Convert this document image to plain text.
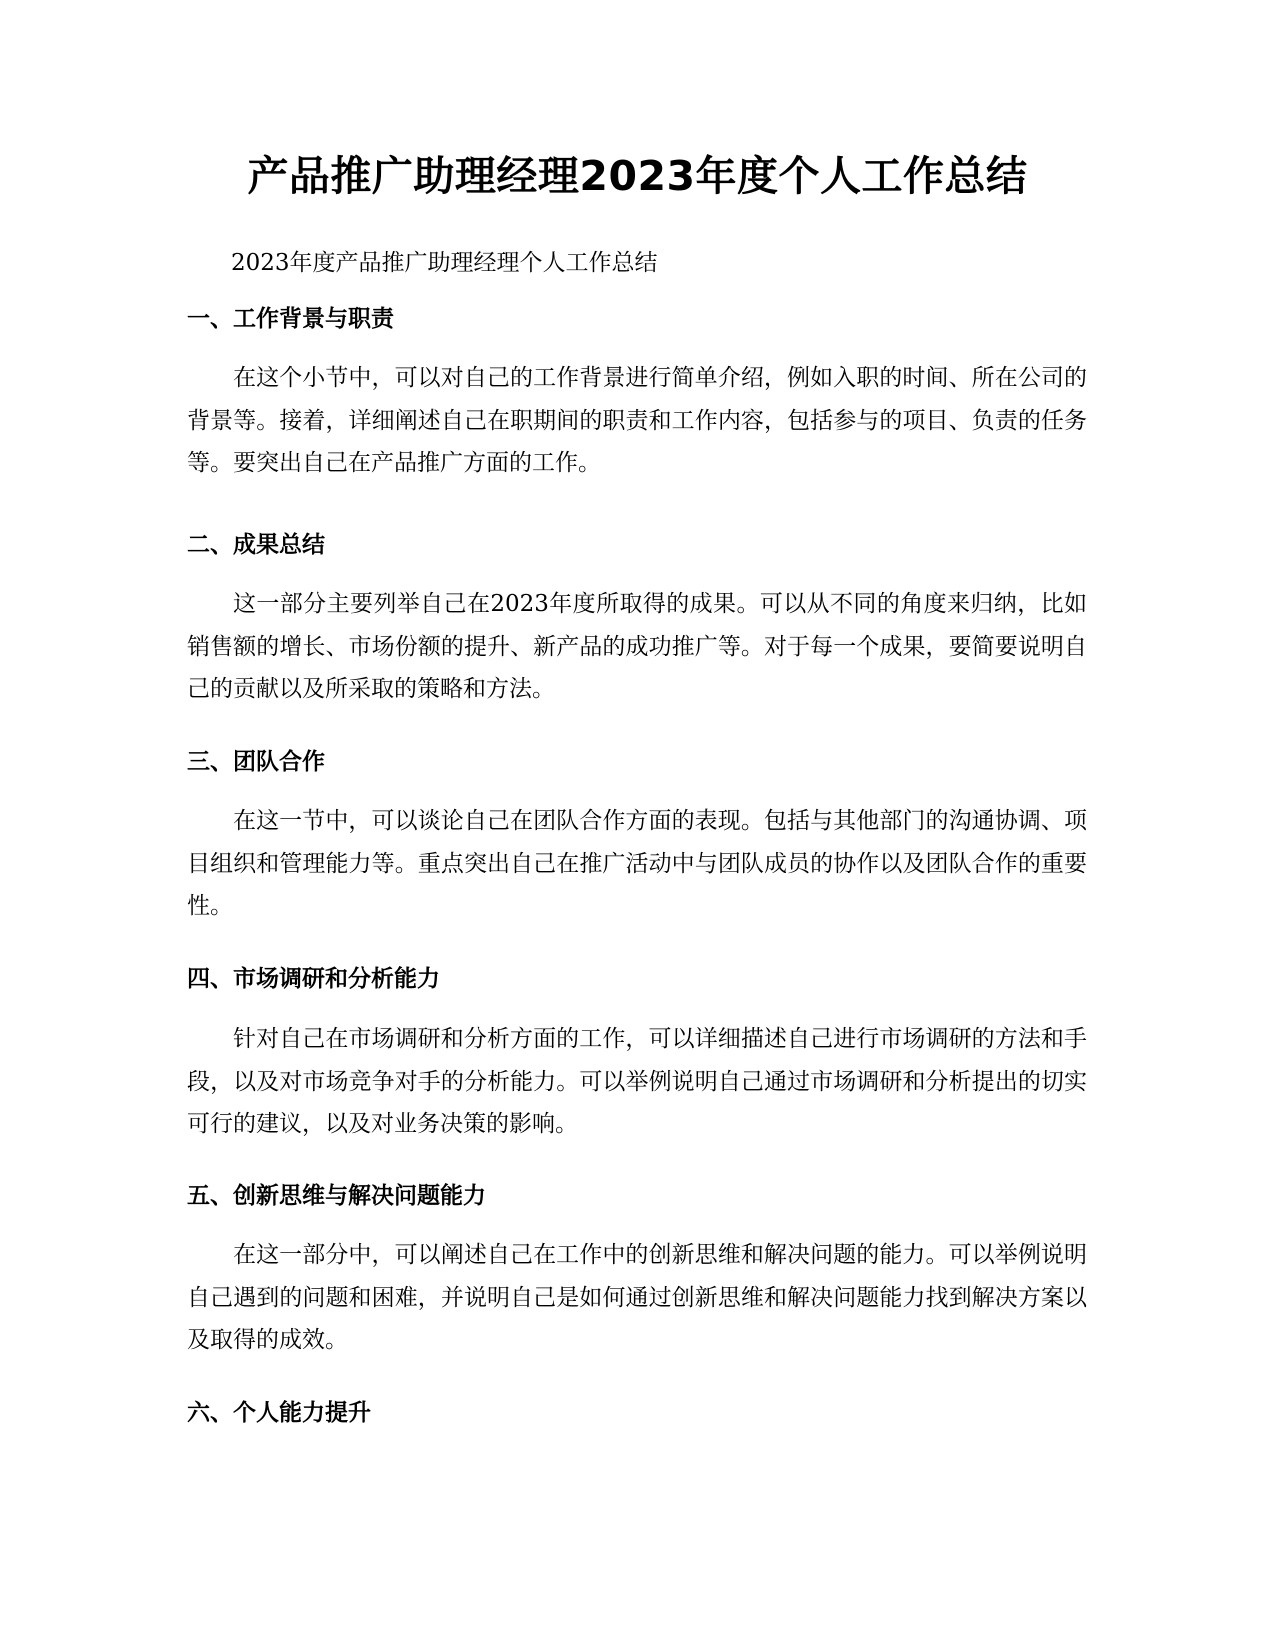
产品推广助理经理2023年度个人工作总结

2023年度产品推广助理经理个人工作总结

一、工作背景与职责

在这个小节中，可以对自己的工作背景进行简单介绍，例如入职的时间、所在公司的背景等。接着，详细阐述自己在职期间的职责和工作内容，包括参与的项目、负责的任务等。要突出自己在产品推广方面的工作。

二、成果总结

这一部分主要列举自己在2023年度所取得的成果。可以从不同的角度来归纳，比如销售额的增长、市场份额的提升、新产品的成功推广等。对于每一个成果，要简要说明自己的贡献以及所采取的策略和方法。

三、团队合作

在这一节中，可以谈论自己在团队合作方面的表现。包括与其他部门的沟通协调、项目组织和管理能力等。重点突出自己在推广活动中与团队成员的协作以及团队合作的重要性。

四、市场调研和分析能力

针对自己在市场调研和分析方面的工作，可以详细描述自己进行市场调研的方法和手段，以及对市场竞争对手的分析能力。可以举例说明自己通过市场调研和分析提出的切实可行的建议，以及对业务决策的影响。

五、创新思维与解决问题能力

在这一部分中，可以阐述自己在工作中的创新思维和解决问题的能力。可以举例说明自己遇到的问题和困难，并说明自己是如何通过创新思维和解决问题能力找到解决方案以及取得的成效。

六、个人能力提升
